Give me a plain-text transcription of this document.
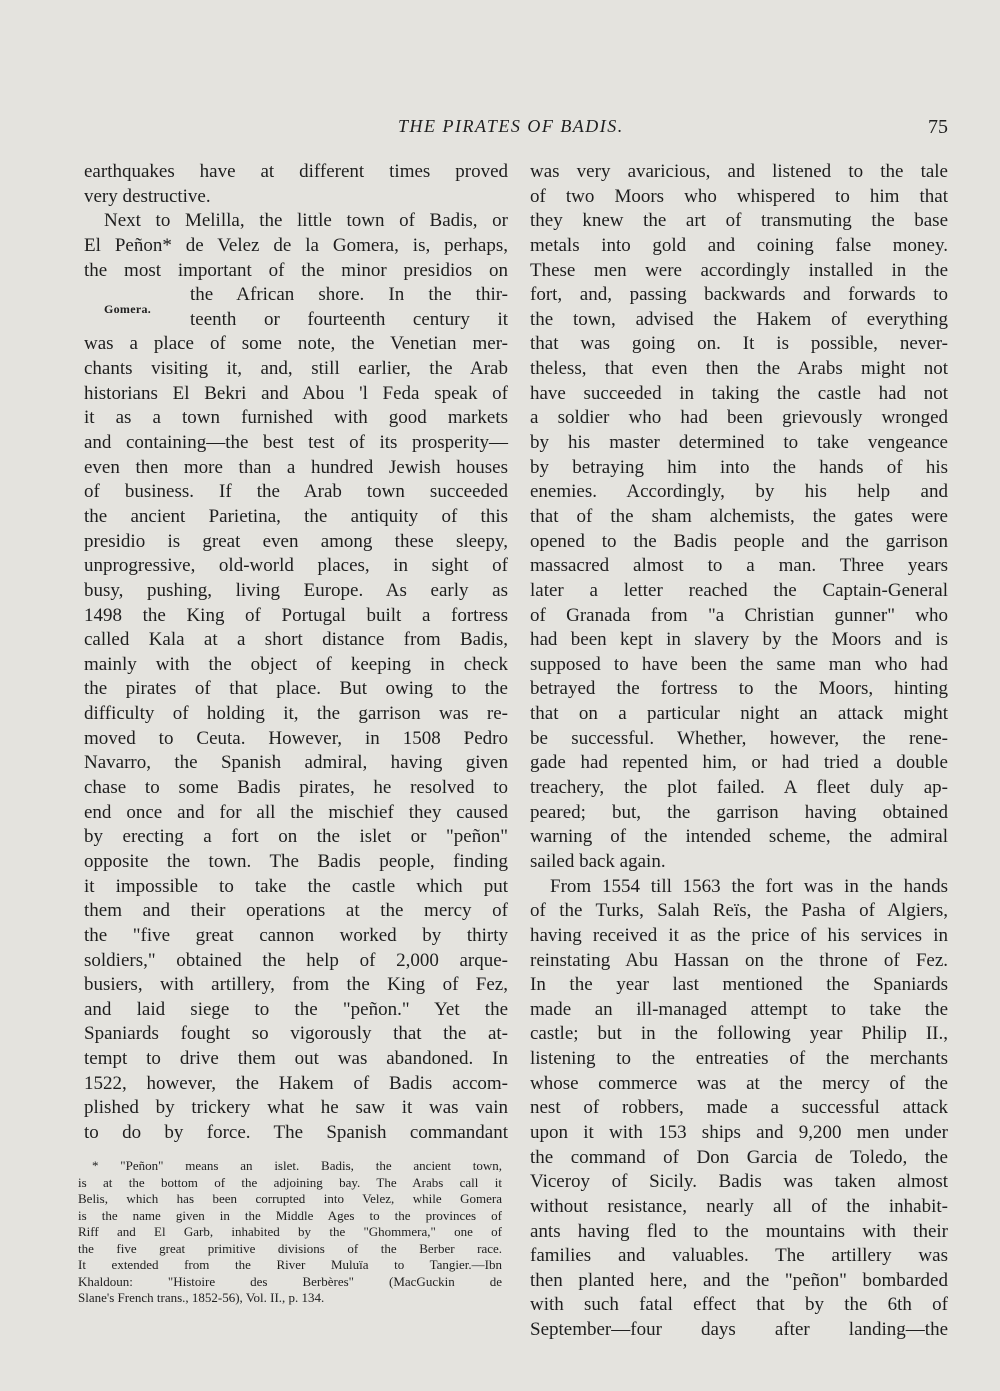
THE PIRATES OF BADIS.	75
Gomera.
earthquakes have at different times proved
very destructive.
Next to Melilla, the little town of Badis, or
El Peñon* de Velez de la Gomera, is, perhaps,
the most important of the minor presidios on
the African shore. In the thir-
teenth or fourteenth century it
was a place of some note, the Venetian mer-
chants visiting it, and, still earlier, the Arab
historians El Bekri and Abou 'l Feda speak of
it as a town furnished with good markets
and containing—the best test of its prosperity—
even then more than a hundred Jewish houses
of business. If the Arab town succeeded
the ancient Parietina, the antiquity of this
presidio is great even among these sleepy,
unprogressive, old-world places, in sight of
busy, pushing, living Europe. As early as
1498 the King of Portugal built a fortress
called Kala at a short distance from Badis,
mainly with the object of keeping in check
the pirates of that place. But owing to the
difficulty of holding it, the garrison was re-
moved to Ceuta. However, in 1508 Pedro
Navarro, the Spanish admiral, having given
chase to some Badis pirates, he resolved to
end once and for all the mischief they caused
by erecting a fort on the islet or "peñon"
opposite the town. The Badis people, finding
it impossible to take the castle which put
them and their operations at the mercy of
the "five great cannon worked by thirty
soldiers," obtained the help of 2,000 arque-
busiers, with artillery, from the King of Fez,
and laid siege to the "peñon." Yet the
Spaniards fought so vigorously that the at-
tempt to drive them out was abandoned. In
1522, however, the Hakem of Badis accom-
plished by trickery what he saw it was vain
to do by force. The Spanish commandant
was very avaricious, and listened to the tale
of two Moors who whispered to him that
they knew the art of transmuting the base
metals into gold and coining false money.
These men were accordingly installed in the
fort, and, passing backwards and forwards to
the town, advised the Hakem of everything
that was going on. It is possible, never-
theless, that even then the Arabs might not
have succeeded in taking the castle had not
a soldier who had been grievously wronged
by his master determined to take vengeance
by betraying him into the hands of his
enemies. Accordingly, by his help and
that of the sham alchemists, the gates were
opened to the Badis people and the garrison
massacred almost to a man. Three years
later a letter reached the Captain-General
of Granada from "a Christian gunner" who
had been kept in slavery by the Moors and is
supposed to have been the same man who had
betrayed the fortress to the Moors, hinting
that on a particular night an attack might
be successful. Whether, however, the rene-
gade had repented him, or had tried a double
treachery, the plot failed. A fleet duly ap-
peared; but, the garrison having obtained
warning of the intended scheme, the admiral
sailed back again.
From 1554 till 1563 the fort was in the hands
of the Turks, Salah Reïs, the Pasha of Algiers,
having received it as the price of his services in
reinstating Abu Hassan on the throne of Fez.
In the year last mentioned the Spaniards
made an ill-managed attempt to take the
castle; but in the following year Philip II.,
listening to the entreaties of the merchants
whose commerce was at the mercy of the
nest of robbers, made a successful attack
upon it with 153 ships and 9,200 men under
the command of Don Garcia de Toledo, the
Viceroy of Sicily. Badis was taken almost
without resistance, nearly all of the inhabit-
ants having fled to the mountains with their
families and valuables. The artillery was
then planted here, and the "peñon" bombarded
with such fatal effect that by the 6th of
September—four days after landing—the
* "Peñon" means an islet. Badis, the ancient town,
is at the bottom of the adjoining bay. The Arabs call it
Belis, which has been corrupted into Velez, while Gomera
is the name given in the Middle Ages to the provinces of
Riff and El Garb, inhabited by the "Ghommera," one of
the five great primitive divisions of the Berber race.
It extended from the River Muluïa to Tangier.—Ibn
Khaldoun: "Histoire des Berbères" (MacGuckin de
Slane's French trans., 1852-56), Vol. II., p. 134.
